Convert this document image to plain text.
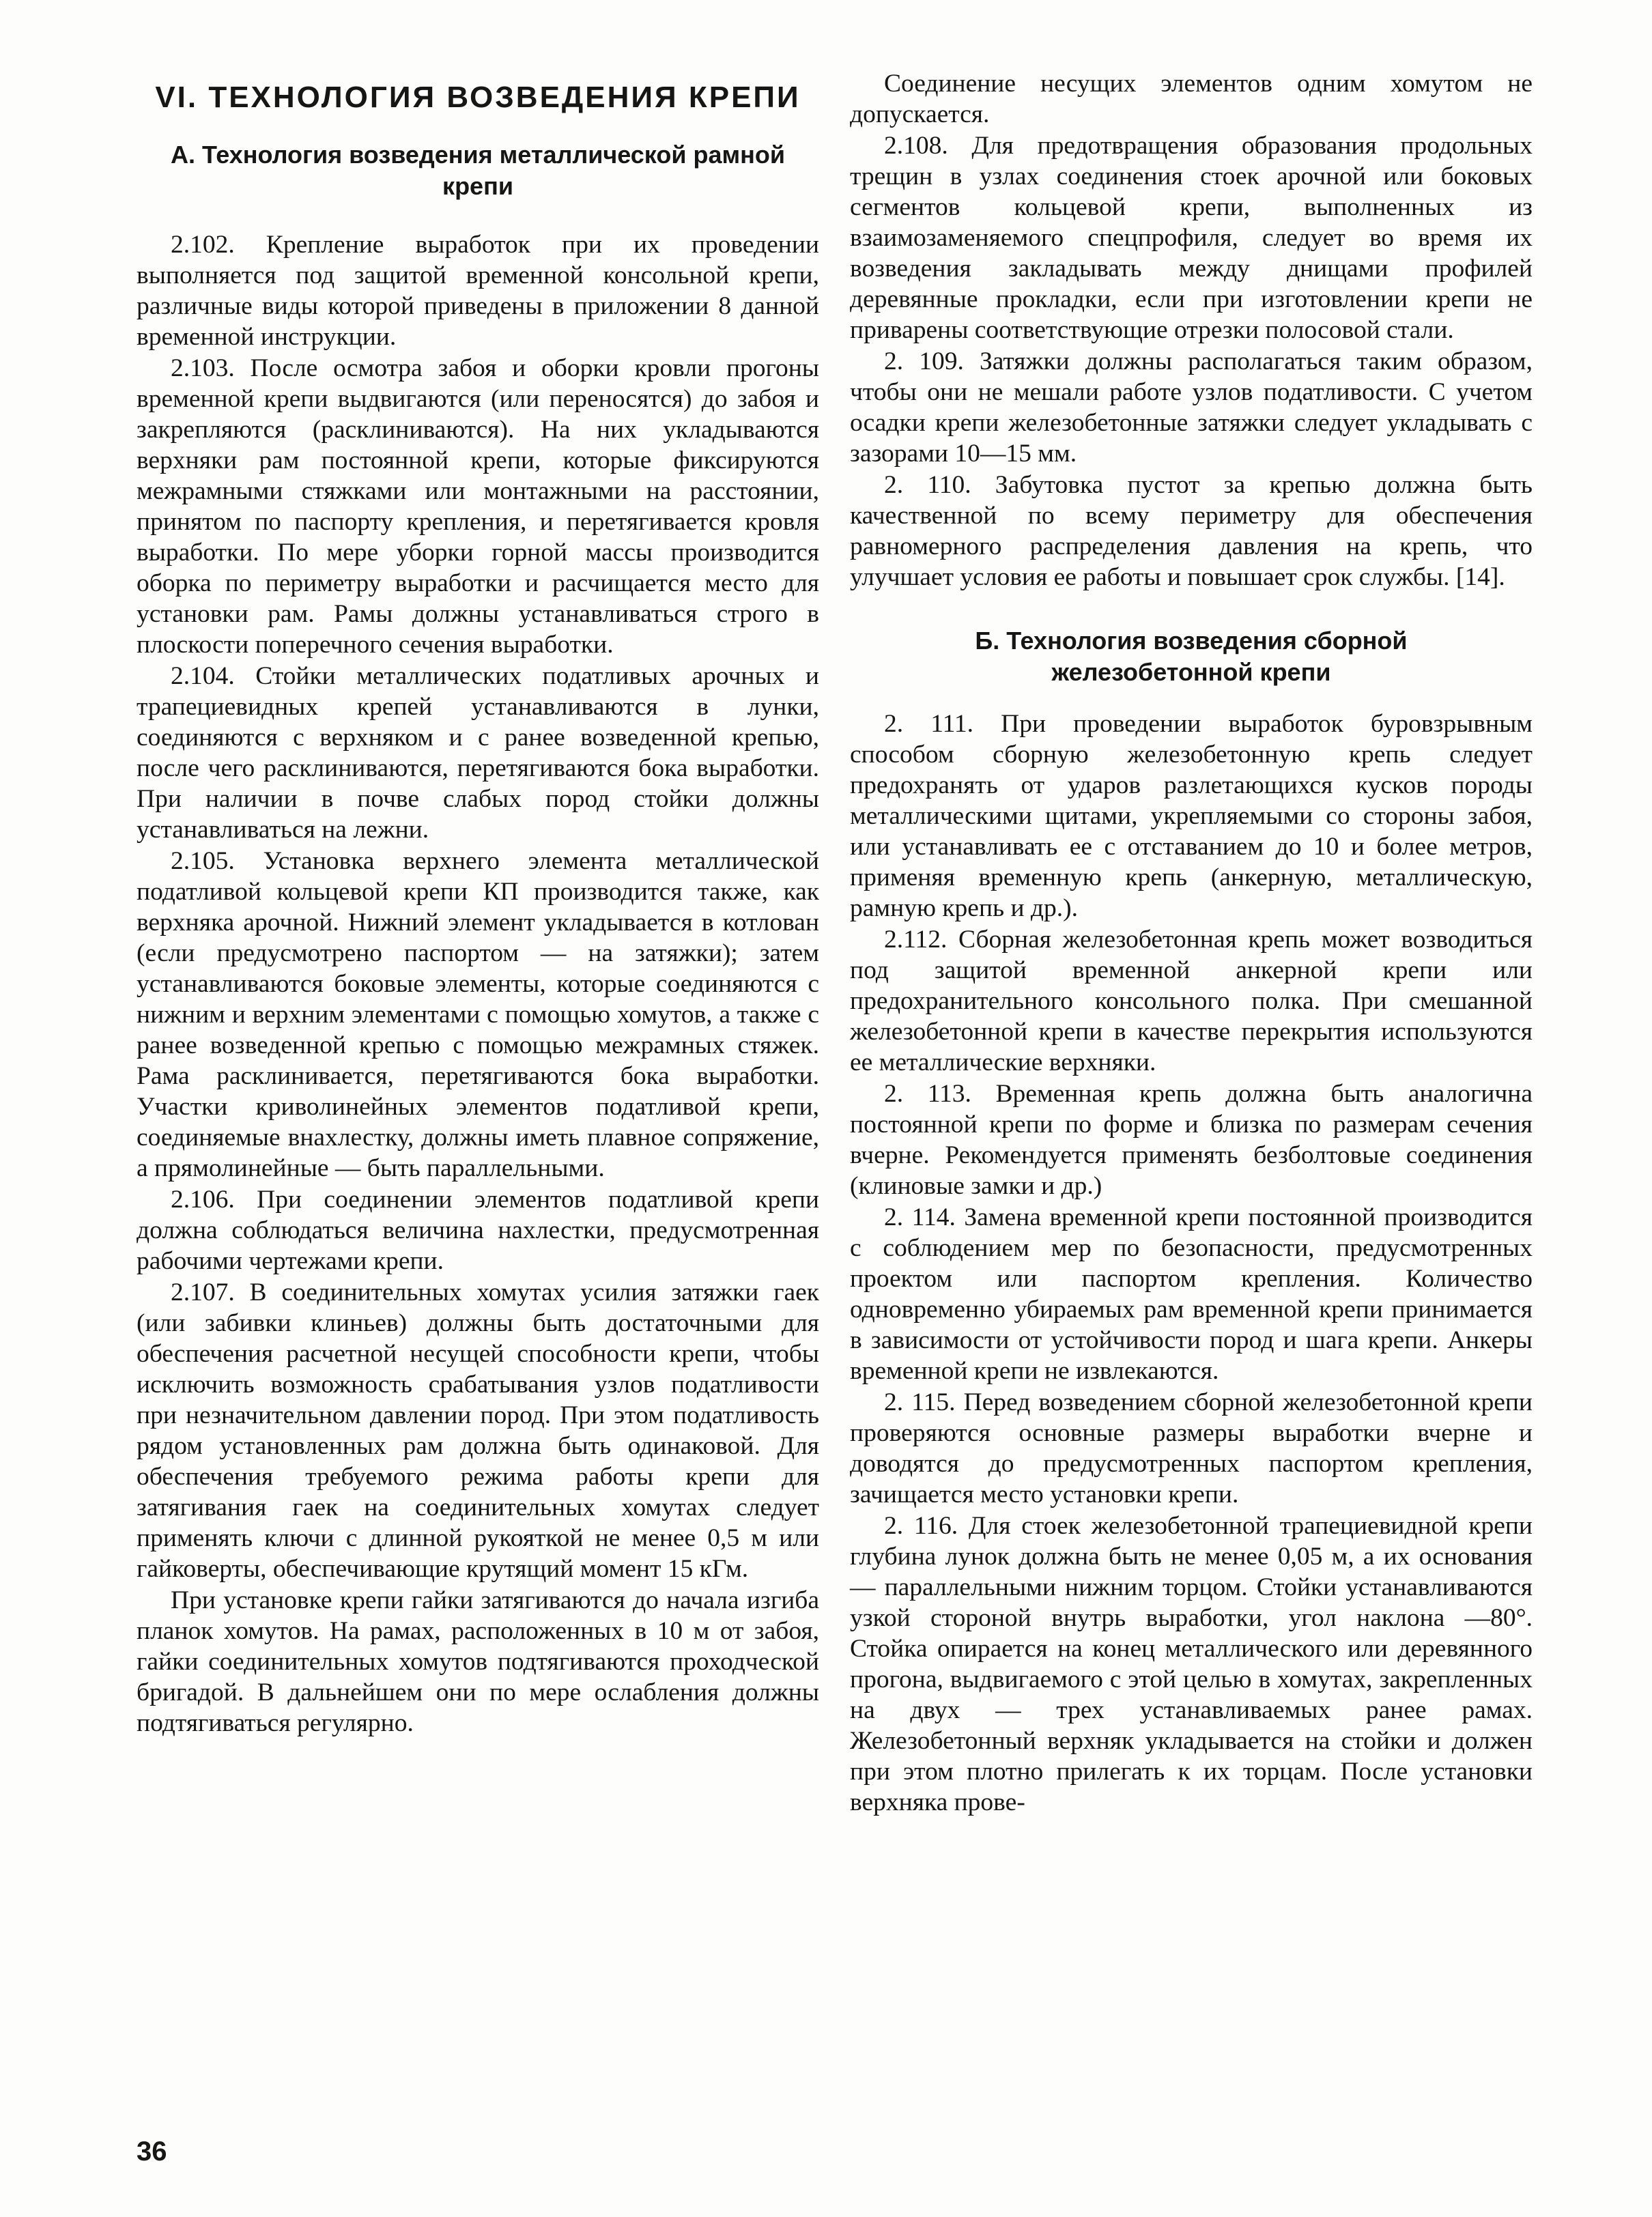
VI. ТЕХНОЛОГИЯ ВОЗВЕДЕНИЯ КРЕПИ
А. Технология возведения металлической рамной крепи

2.102. Крепление выработок при их проведении выполняется под защитой временной консольной крепи, различные виды которой приведены в приложении 8 данной временной инструкции.

2.103. После осмотра забоя и оборки кровли прогоны временной крепи выдвигаются (или переносятся) до забоя и закрепляются (расклиниваются). На них укладываются верхняки рам постоянной крепи, которые фиксируются межрамными стяжками или монтажными на расстоянии, принятом по паспорту крепления, и перетягивается кровля выработки. По мере уборки горной массы производится оборка по периметру выработки и расчищается место для установки рам. Рамы должны устанавливаться строго в плоскости поперечного сечения выработки.

2.104. Стойки металлических податливых арочных и трапециевидных крепей устанавливаются в лунки, соединяются с верхняком и с ранее возведенной крепью, после чего расклиниваются, перетягиваются бока выработки. При наличии в почве слабых пород стойки должны устанавливаться на лежни.

2.105. Установка верхнего элемента металлической податливой кольцевой крепи КП производится также, как верхняка арочной. Нижний элемент укладывается в котлован (если предусмотрено паспортом — на затяжки); затем устанавливаются боковые элементы, которые соединяются с нижним и верхним элементами с помощью хомутов, а также с ранее возведенной крепью с помощью межрамных стяжек. Рама расклинивается, перетягиваются бока выработки. Участки криволинейных элементов податливой крепи, соединяемые внахлестку, должны иметь плавное сопряжение, а прямолинейные — быть параллельными.

2.106. При соединении элементов податливой крепи должна соблюдаться величина нахлестки, предусмотренная рабочими чертежами крепи.

2.107. В соединительных хомутах усилия затяжки гаек (или забивки клиньев) должны быть достаточными для обеспечения расчетной несущей способности крепи, чтобы исключить возможность срабатывания узлов податливости при незначительном давлении пород. При этом податливость рядом установленных рам должна быть одинаковой. Для обеспечения требуемого режима работы крепи для затягивания гаек на соединительных хомутах следует применять ключи с длинной рукояткой не менее 0,5 м или гайковерты, обеспечивающие крутящий момент 15 кГм.

При установке крепи гайки затягиваются до начала изгиба планок хомутов. На рамах, расположенных в 10 м от забоя, гайки соединительных хомутов подтягиваются проходческой бригадой. В дальнейшем они по мере ослабления должны подтягиваться регулярно.

Соединение несущих элементов одним хомутом не допускается.

2.108. Для предотвращения образования продольных трещин в узлах соединения стоек арочной или боковых сегментов кольцевой крепи, выполненных из взаимозаменяемого спецпрофиля, следует во время их возведения закладывать между днищами профилей деревянные прокладки, если при изготовлении крепи не приварены соответствующие отрезки полосовой стали.

2. 109. Затяжки должны располагаться таким образом, чтобы они не мешали работе узлов податливости. С учетом осадки крепи железобетонные затяжки следует укладывать с зазорами 10—15 мм.

2. 110. Забутовка пустот за крепью должна быть качественной по всему периметру для обеспечения равномерного распределения давления на крепь, что улучшает условия ее работы и повышает срок службы. [14].

Б. Технология возведения сборной железобетонной крепи

2. 111. При проведении выработок буровзрывным способом сборную железобетонную крепь следует предохранять от ударов разлетающихся кусков породы металлическими щитами, укрепляемыми со стороны забоя, или устанавливать ее с отставанием до 10 и более метров, применяя временную крепь (анкерную, металлическую, рамную крепь и др.).

2.112. Сборная железобетонная крепь может возводиться под защитой временной анкерной крепи или предохранительного консольного полка. При смешанной железобетонной крепи в качестве перекрытия используются ее металлические верхняки.

2. 113. Временная крепь должна быть аналогична постоянной крепи по форме и близка по размерам сечения вчерне. Рекомендуется применять безболтовые соединения (клиновые замки и др.)

2. 114. Замена временной крепи постоянной производится с соблюдением мер по безопасности, предусмотренных проектом или паспортом крепления. Количество одновременно убираемых рам временной крепи принимается в зависимости от устойчивости пород и шага крепи. Анкеры временной крепи не извлекаются.

2. 115. Перед возведением сборной железобетонной крепи проверяются основные размеры выработки вчерне и доводятся до предусмотренных паспортом крепления, зачищается место установки крепи.

2. 116. Для стоек железобетонной трапециевидной крепи глубина лунок должна быть не менее 0,05 м, а их основания — параллельными нижним торцом. Стойки устанавливаются узкой стороной внутрь выработки, угол наклона —80°. Стойка опирается на конец металлического или деревянного прогона, выдвигаемого с этой целью в хомутах, закрепленных на двух — трех устанавливаемых ранее рамах. Железобетонный верхняк укладывается на стойки и должен при этом плотно прилегать к их торцам. После установки верхняка прове-

36
